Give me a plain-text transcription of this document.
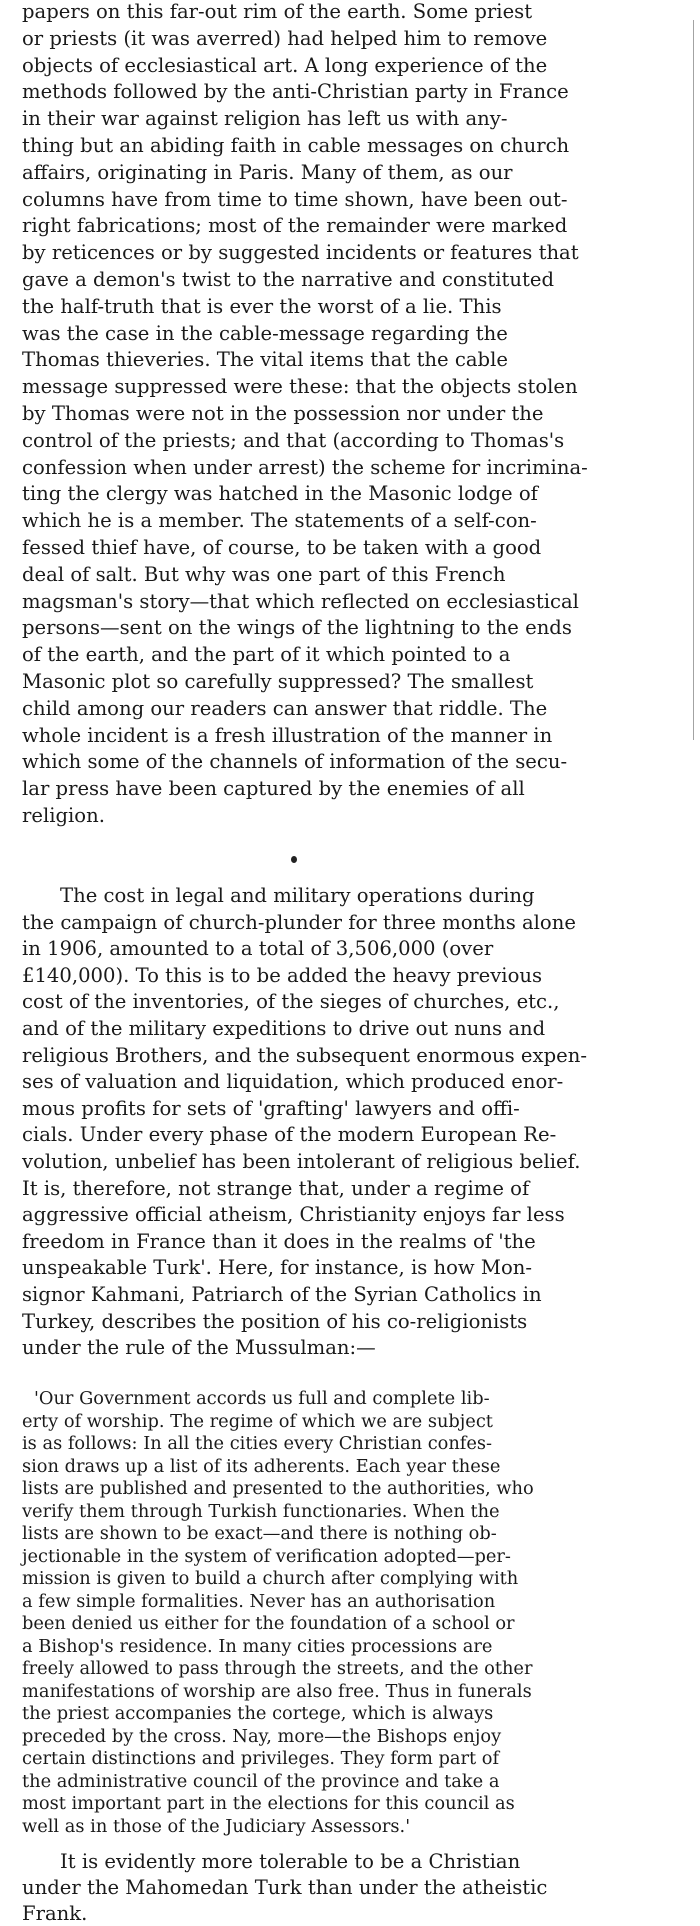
papers on this far-out rim of the earth. Some priest
or priests (it was averred) had helped him to remove
objects of ecclesiastical art. A long experience of the
methods followed by the anti-Christian party in France
in their war against religion has left us with any-
thing but an abiding faith in cable messages on church
affairs, originating in Paris. Many of them, as our
columns have from time to time shown, have been out-
right fabrications; most of the remainder were marked
by reticences or by suggested incidents or features that
gave a demon's twist to the narrative and constituted
the half-truth that is ever the worst of a lie. This
was the case in the cable-message regarding the
Thomas thieveries. The vital items that the cable
message suppressed were these: that the objects stolen
by Thomas were not in the possession nor under the
control of the priests; and that (according to Thomas's
confession when under arrest) the scheme for incrimina-
ting the clergy was hatched in the Masonic lodge of
which he is a member. The statements of a self-con-
fessed thief have, of course, to be taken with a good
deal of salt. But why was one part of this French
magsman's story—that which reflected on ecclesiastical
persons—sent on the wings of the lightning to the ends
of the earth, and the part of it which pointed to a
Masonic plot so carefully suppressed? The smallest
child among our readers can answer that riddle. The
whole incident is a fresh illustration of the manner in
which some of the channels of information of the secu-
lar press have been captured by the enemies of all
religion.
The cost in legal and military operations during
the campaign of church-plunder for three months alone
in 1906, amounted to a total of 3,506,000 (over
£140,000). To this is to be added the heavy previous
cost of the inventories, of the sieges of churches, etc.,
and of the military expeditions to drive out nuns and
religious Brothers, and the subsequent enormous expen-
ses of valuation and liquidation, which produced enor-
mous profits for sets of 'grafting' lawyers and offi-
cials. Under every phase of the modern European Re-
volution, unbelief has been intolerant of religious belief.
It is, therefore, not strange that, under a regime of
aggressive official atheism, Christianity enjoys far less
freedom in France than it does in the realms of 'the
unspeakable Turk'. Here, for instance, is how Mon-
signor Kahmani, Patriarch of the Syrian Catholics in
Turkey, describes the position of his co-religionists
under the rule of the Mussulman:—
'Our Government accords us full and complete lib-
erty of worship. The regime of which we are subject
is as follows: In all the cities every Christian confes-
sion draws up a list of its adherents. Each year these
lists are published and presented to the authorities, who
verify them through Turkish functionaries. When the
lists are shown to be exact—and there is nothing ob-
jectionable in the system of verification adopted—per-
mission is given to build a church after complying with
a few simple formalities. Never has an authorisation
been denied us either for the foundation of a school or
a Bishop's residence. In many cities processions are
freely allowed to pass through the streets, and the other
manifestations of worship are also free. Thus in funerals
the priest accompanies the cortege, which is always
preceded by the cross. Nay, more—the Bishops enjoy
certain distinctions and privileges. They form part of
the administrative council of the province and take a
most important part in the elections for this council as
well as in those of the Judiciary Assessors.'
It is evidently more tolerable to be a Christian
under the Mahomedan Turk than under the atheistic
Frank.
